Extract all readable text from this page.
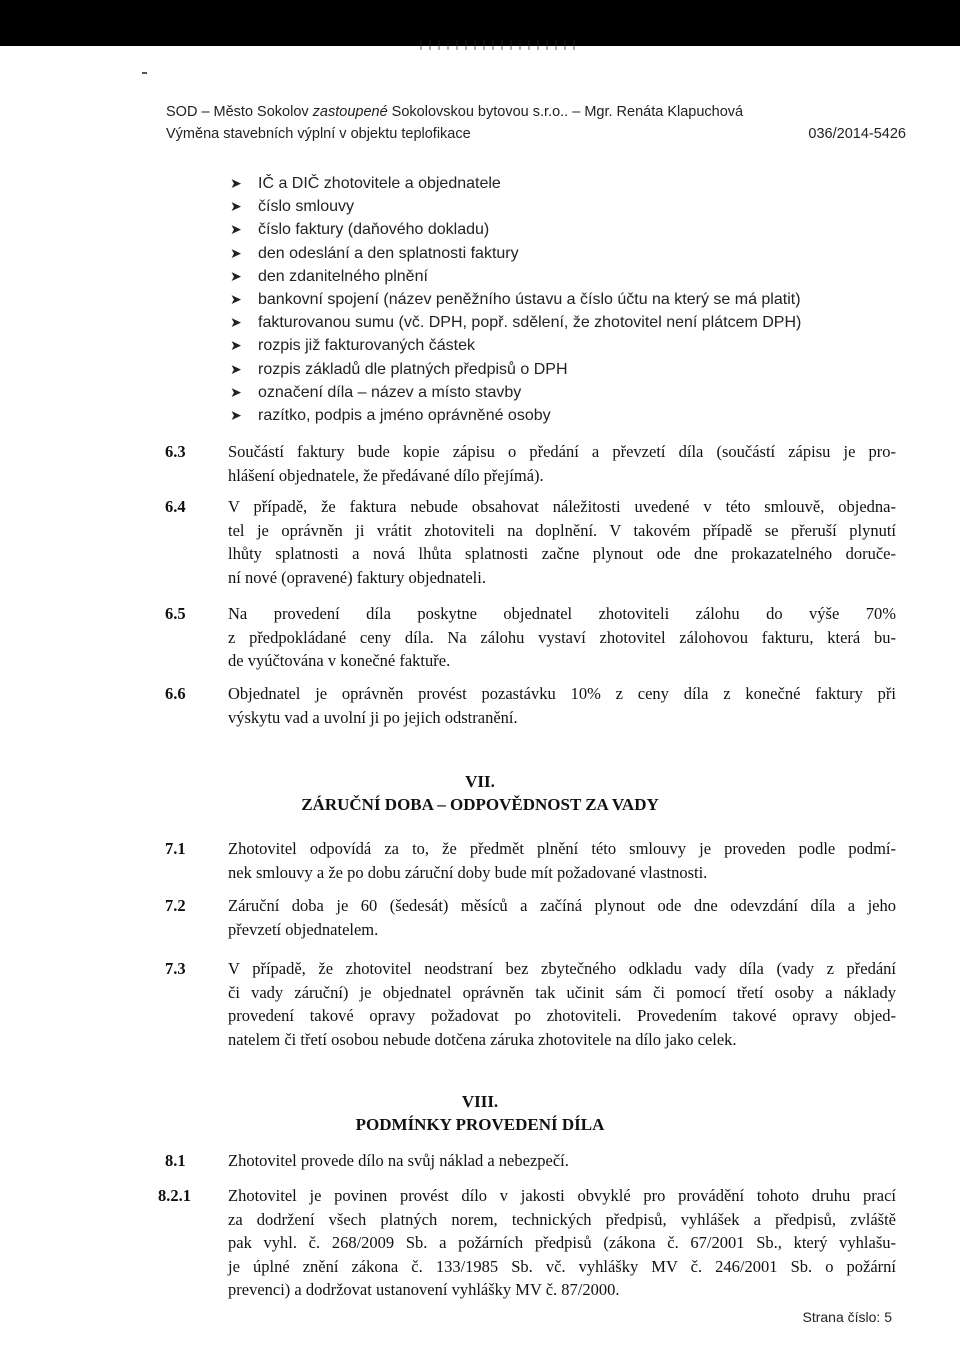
SOD – Město Sokolov zastoupené Sokolovskou bytovou s.r.o.. – Mgr. Renáta Klapuchová
Výměna stavebních výplní v objektu teplofikace	036/2014-5426
➤ IČ a DIČ zhotovitele a objednatele
➤ číslo smlouvy
➤ číslo faktury (daňového dokladu)
➤ den odeslání a den splatnosti faktury
➤ den zdanitelného plnění
➤ bankovní spojení (název peněžního ústavu a číslo účtu na který se má platit)
➤ fakturovanou sumu (vč. DPH, popř. sdělení, že zhotovitel není plátcem DPH)
➤ rozpis již fakturovaných částek
➤ rozpis základů dle platných předpisů o DPH
➤ označení díla – název a místo stavby
➤ razítko, podpis a jméno oprávněné osoby
6.3	Součástí faktury bude kopie zápisu o předání a převzetí díla (součástí zápisu je pro-
hlášení objednatele, že předávané dílo přejímá).
6.4	V případě, že faktura nebude obsahovat náležitosti uvedené v této smlouvě, objedna-
tel je oprávněn ji vrátit zhotoviteli na doplnění. V takovém případě se přeruší plynutí
lhůty splatnosti a nová lhůta splatnosti začne plynout ode dne prokazatelného doruče-
ní nové (opravené) faktury objednateli.
6.5	Na provedení díla poskytne objednatel zhotoviteli zálohu do výše 70%
z předpokládané ceny díla. Na zálohu vystaví zhotovitel zálohovou fakturu, která bu-
de vyúčtována v konečné faktuře.
6.6	Objednatel je oprávněn provést pozastávku 10% z ceny díla z konečné faktury při
výskytu vad a uvolní ji po jejich odstranění.
VII.
ZÁRUČNÍ DOBA – ODPOVĚDNOST ZA VADY
7.1	Zhotovitel odpovídá za to, že předmět plnění této smlouvy je proveden podle podmí-
nek smlouvy a že po dobu záruční doby bude mít požadované vlastnosti.
7.2	Záruční doba je 60 (šedesát) měsíců a začíná plynout ode dne odevzdání díla a jeho
převzetí objednatelem.
7.3	V případě, že zhotovitel neodstraní bez zbytečného odkladu vady díla (vady z předání
či vady záruční) je objednatel oprávněn tak učinit sám či pomocí třetí osoby a náklady
provedení takové opravy požadovat po zhotoviteli. Provedením takové opravy objed-
natelem či třetí osobou nebude dotčena záruka zhotovitele na dílo jako celek.
VIII.
PODMÍNKY PROVEDENÍ DÍLA
8.1	Zhotovitel provede dílo na svůj náklad a nebezpečí.
8.2.1 Zhotovitel je povinen provést dílo v jakosti obvyklé pro provádění tohoto druhu prací
za dodržení všech platných norem, technických předpisů, vyhlášek a předpisů, zvláště
pak vyhl. č. 268/2009 Sb. a požárních předpisů (zákona č. 67/2001 Sb., který vyhlašu-
je úplné znění zákona č. 133/1985 Sb. vč. vyhlášky MV č. 246/2001 Sb. o požární
prevenci) a dodržovat ustanovení vyhlášky MV č. 87/2000.
Strana číslo: 5
